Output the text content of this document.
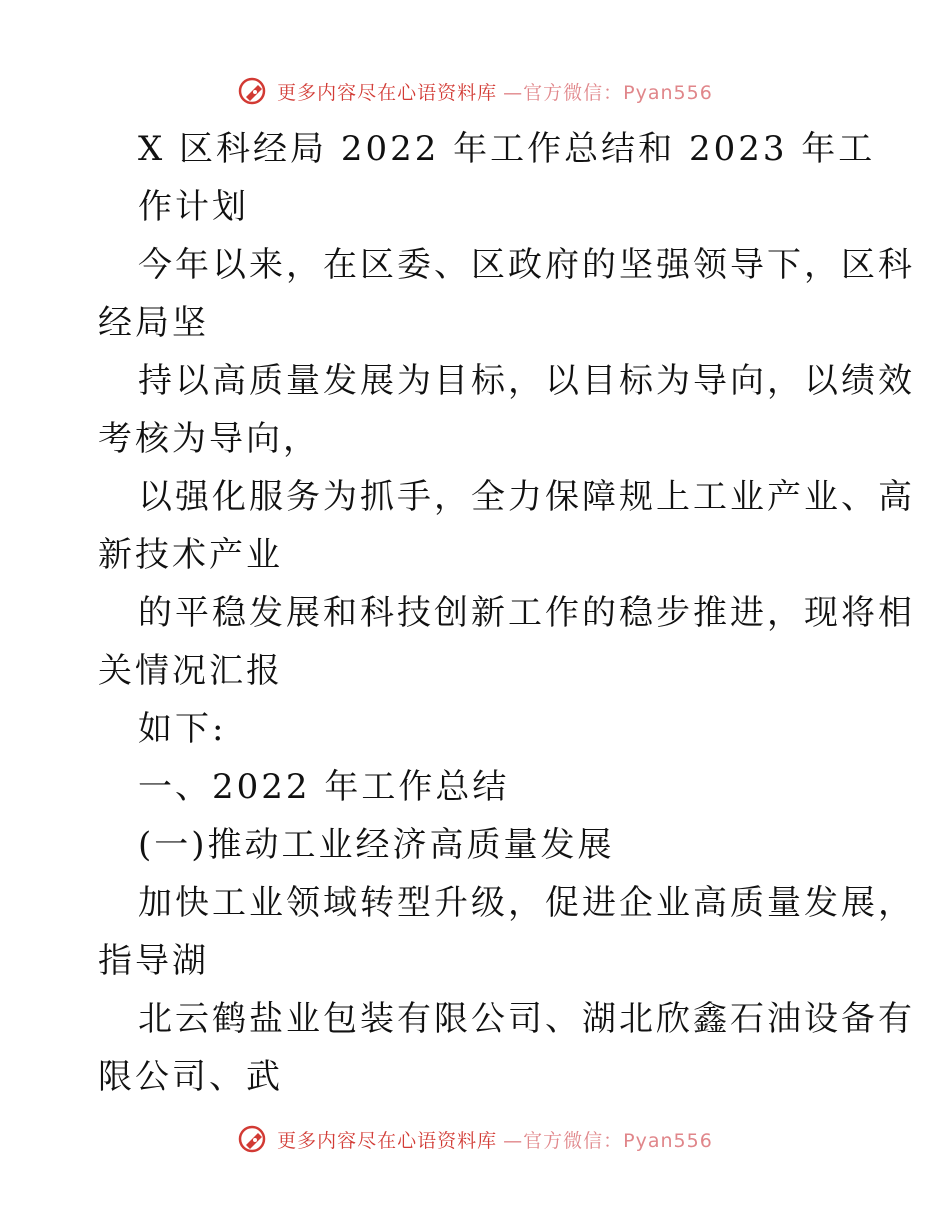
更多内容尽在心语资料库 —官方微信：Pyan556
X 区科经局 2022 年工作总结和 2023 年工
作计划
今年以来，在区委、区政府的坚强领导下，区科
经局坚
持以高质量发展为目标，以目标为导向，以绩效
考核为导向，
以强化服务为抓手，全力保障规上工业产业、高
新技术产业
的平稳发展和科技创新工作的稳步推进，现将相
关情况汇报
如下:
一、2022 年工作总结
(一)推动工业经济高质量发展
加快工业领域转型升级，促进企业高质量发展，
指导湖
北云鹤盐业包装有限公司、湖北欣鑫石油设备有
限公司、武
更多内容尽在心语资料库 —官方微信：Pyan556
